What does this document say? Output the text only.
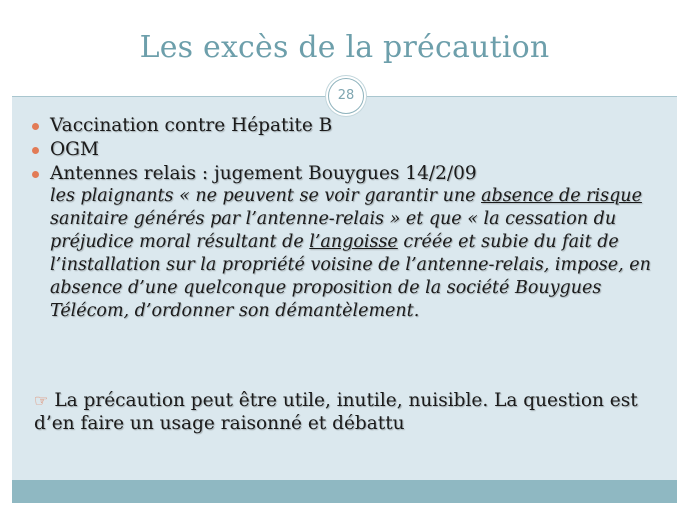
Les excès de la précaution
28
Vaccination contre Hépatite B
OGM
Antennes relais : jugement Bouygues 14/2/09
les plaignants « ne peuvent se voir garantir une absence de risque sanitaire générés par l’antenne-relais » et que « la cessation du préjudice moral résultant de l’angoisse créée et subie du fait de l’installation sur la propriété voisine de l’antenne-relais, impose, en absence d’une quelconque proposition de la société Bouygues Télécom, d’ordonner son démantèlement.
☞ La précaution peut être utile, inutile, nuisible. La question est d’en faire un usage raisonné et débattu
